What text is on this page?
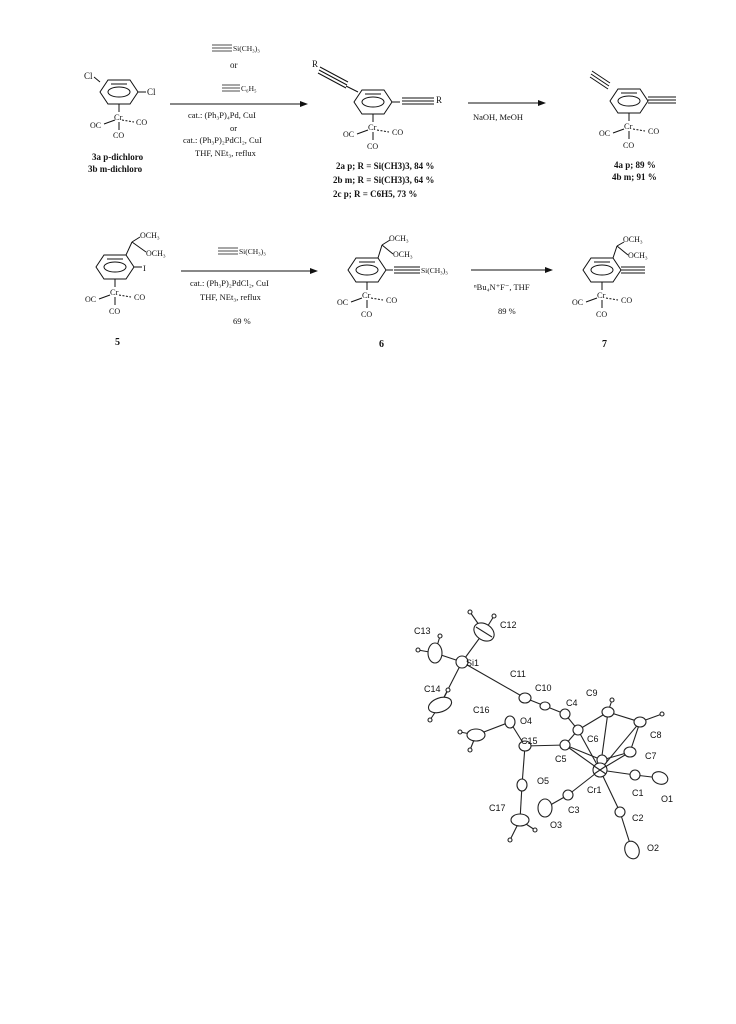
Cl
Cl
Cr
OC	CO
CO
3a p-dichloro
3b m-dichloro
Si(CH₃)₃
or
C₆H₅
cat.: (Ph₃P)₄Pd, CuI
or
cat.: (Ph₃P)₂PdCl₂, CuI
THF, NEt₃, reflux
R
R
Cr
OC	CO
CO
2a p; R = Si(CH3)3, 84 %
2b m; R = Si(CH3)3, 64 %
2c p; R = C6H5, 73 %
NaOH, MeOH
Cr
OC	CO
CO
4a p; 89 %
4b m; 91 %
OCH₃
OCH₃
I
Cr
OC	CO
CO
5
Si(CH₃)₃
cat.: (Ph₃P)₂PdCl₂, CuI
THF, NEt₃, reflux
69 %
OCH₃
OCH₃
Si(CH₃)₃
Cr
OC	CO
CO
6
ⁿBu₄N⁺F⁻, THF
89 %
OCH₃
OCH₃
Cr
OC	CO
CO
7
C13
C12
Si1
C11
C10	C9
C14
C16
O4
C4
C8
C15	C6
C7
C5
O5
Cr1	C1
O1
C17	C3
O3
C2
O2
